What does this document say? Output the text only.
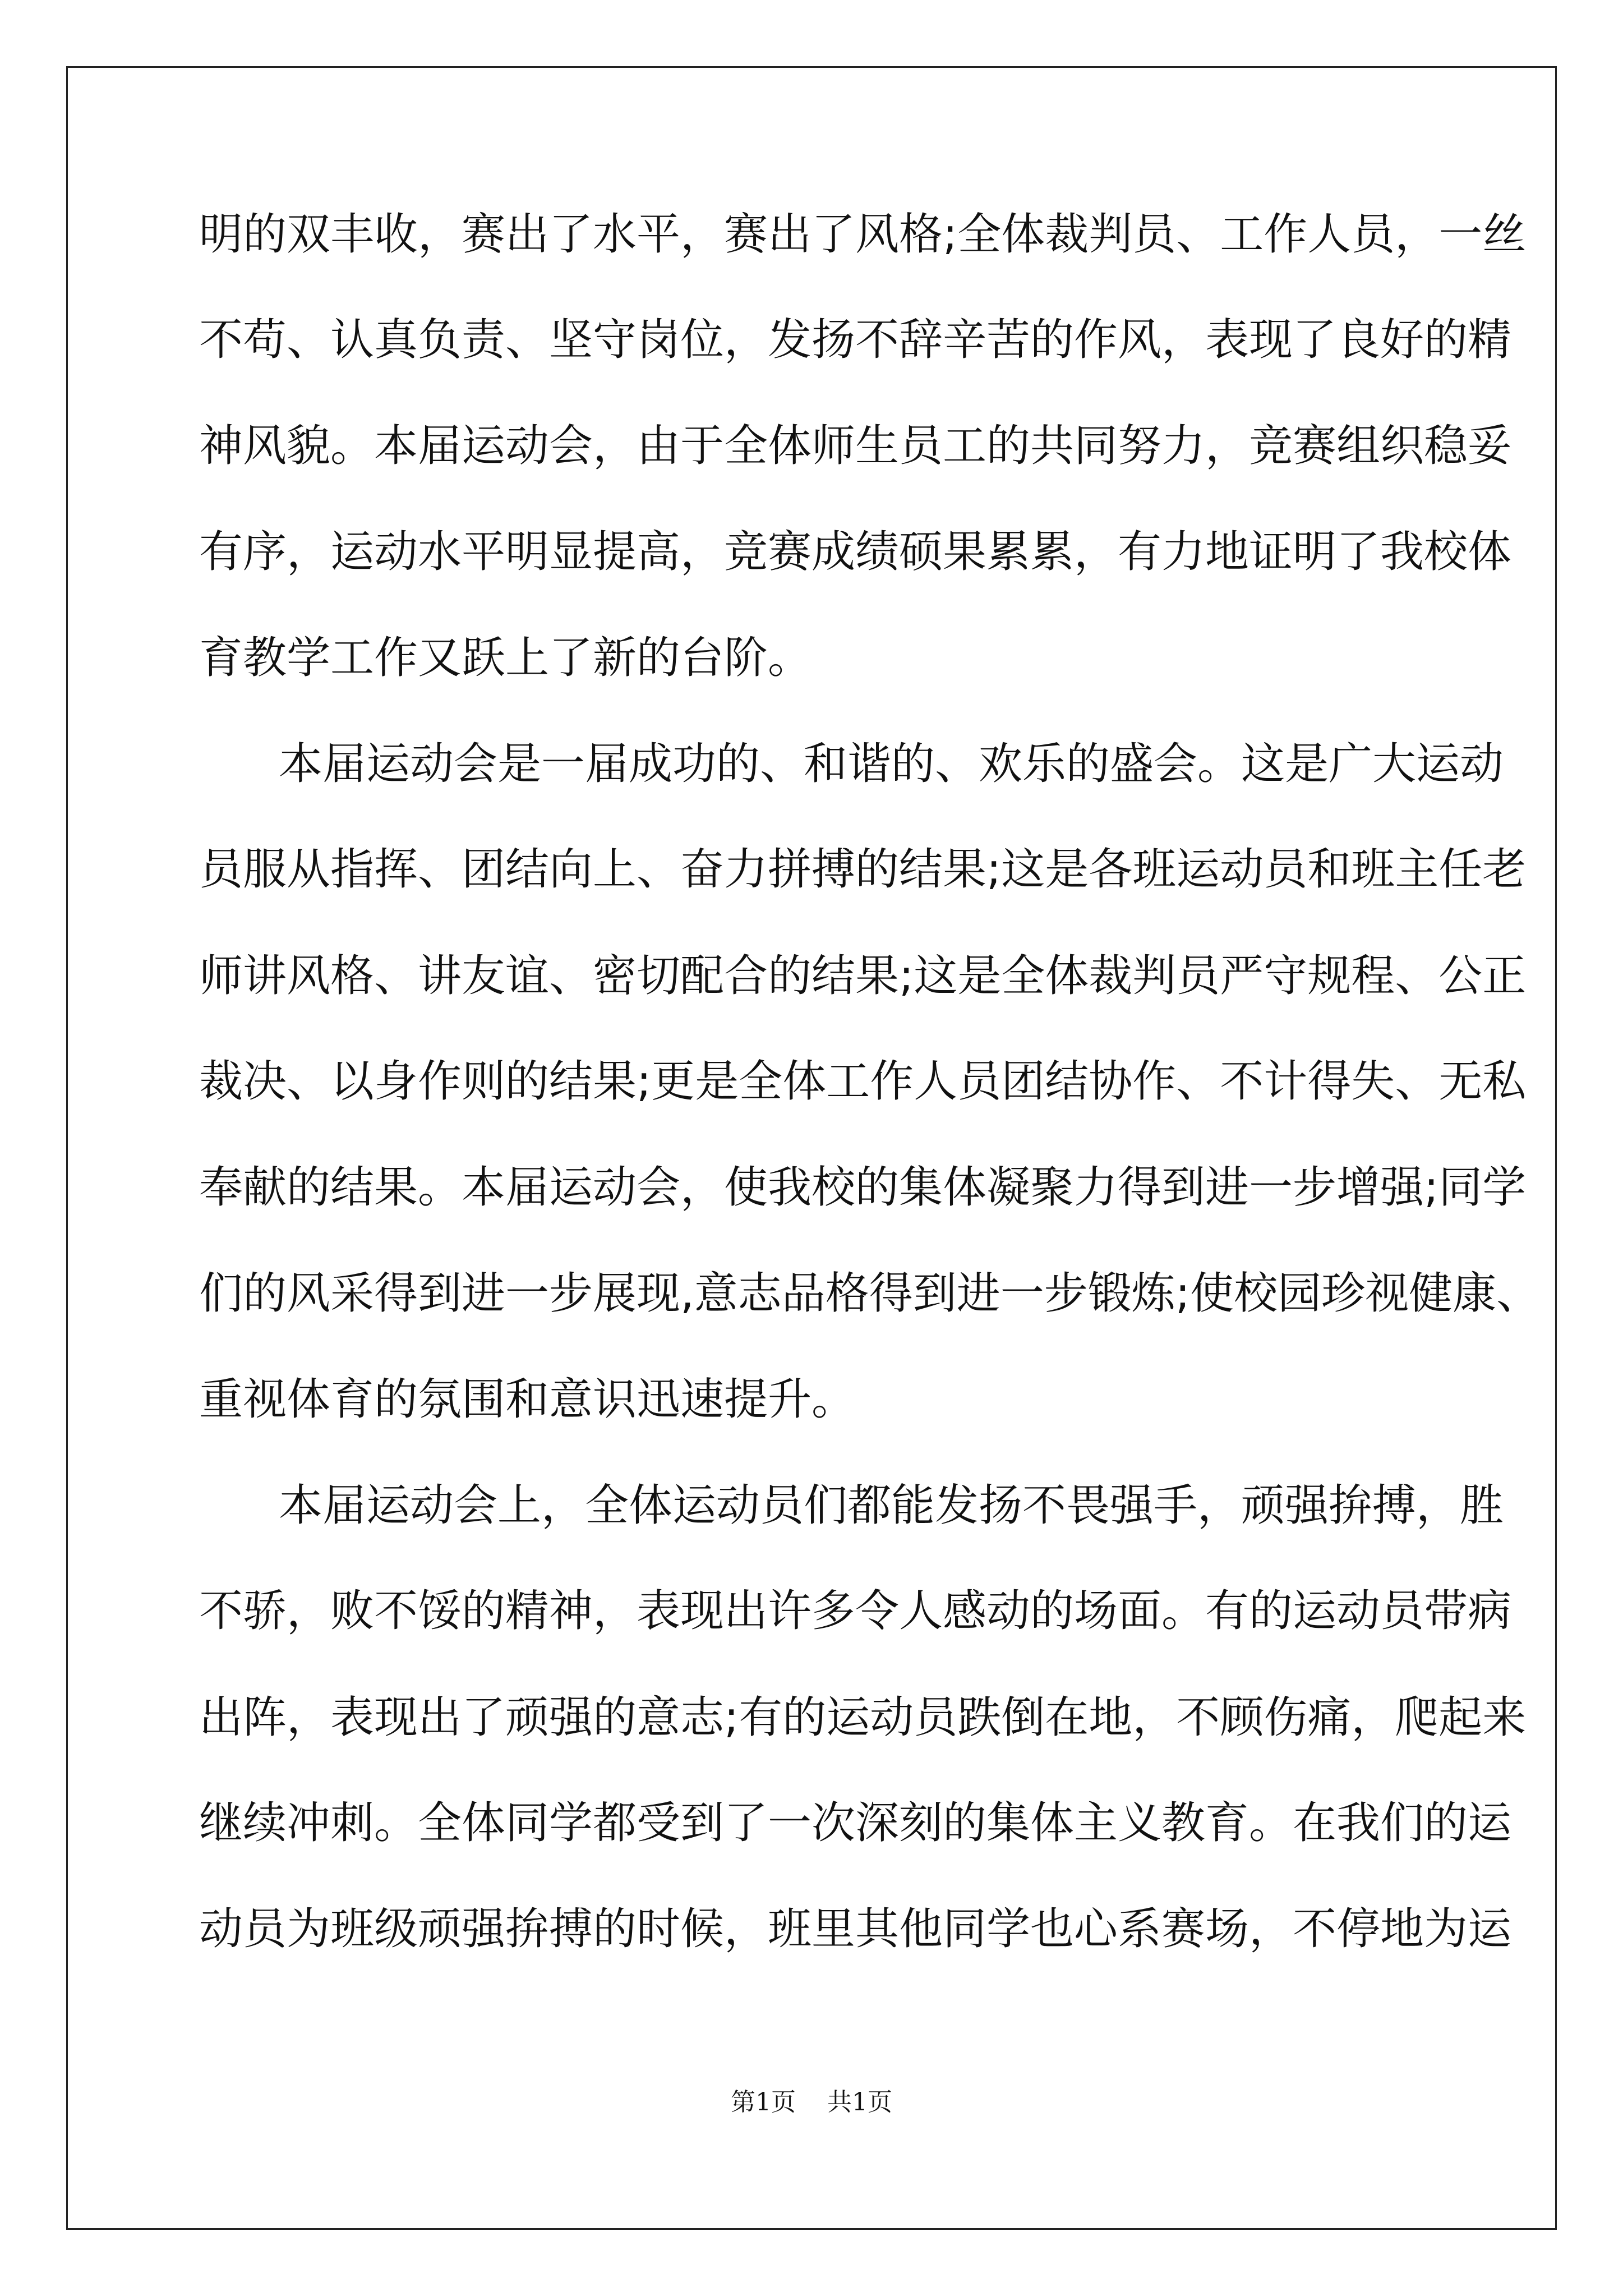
明的双丰收，赛出了水平，赛出了风格;全体裁判员、工作人员，一丝
不苟、认真负责、坚守岗位，发扬不辞辛苦的作风，表现了良好的精
神风貌。本届运动会，由于全体师生员工的共同努力，竞赛组织稳妥
有序，运动水平明显提高，竞赛成绩硕果累累，有力地证明了我校体
育教学工作又跃上了新的台阶。
本届运动会是一届成功的、和谐的、欢乐的盛会。这是广大运动
员服从指挥、团结向上、奋力拼搏的结果;这是各班运动员和班主任老
师讲风格、讲友谊、密切配合的结果;这是全体裁判员严守规程、公正
裁决、以身作则的结果;更是全体工作人员团结协作、不计得失、无私
奉献的结果。本届运动会，使我校的集体凝聚力得到进一步增强;同学
们的风采得到进一步展现,意志品格得到进一步锻炼;使校园珍视健康、
重视体育的氛围和意识迅速提升。
本届运动会上，全体运动员们都能发扬不畏强手，顽强拚搏，胜
不骄，败不馁的精神，表现出许多令人感动的场面。有的运动员带病
出阵，表现出了顽强的意志;有的运动员跌倒在地，不顾伤痛，爬起来
继续冲刺。全体同学都受到了一次深刻的集体主义教育。在我们的运
动员为班级顽强拚搏的时候，班里其他同学也心系赛场，不停地为运
第1页 共1页
